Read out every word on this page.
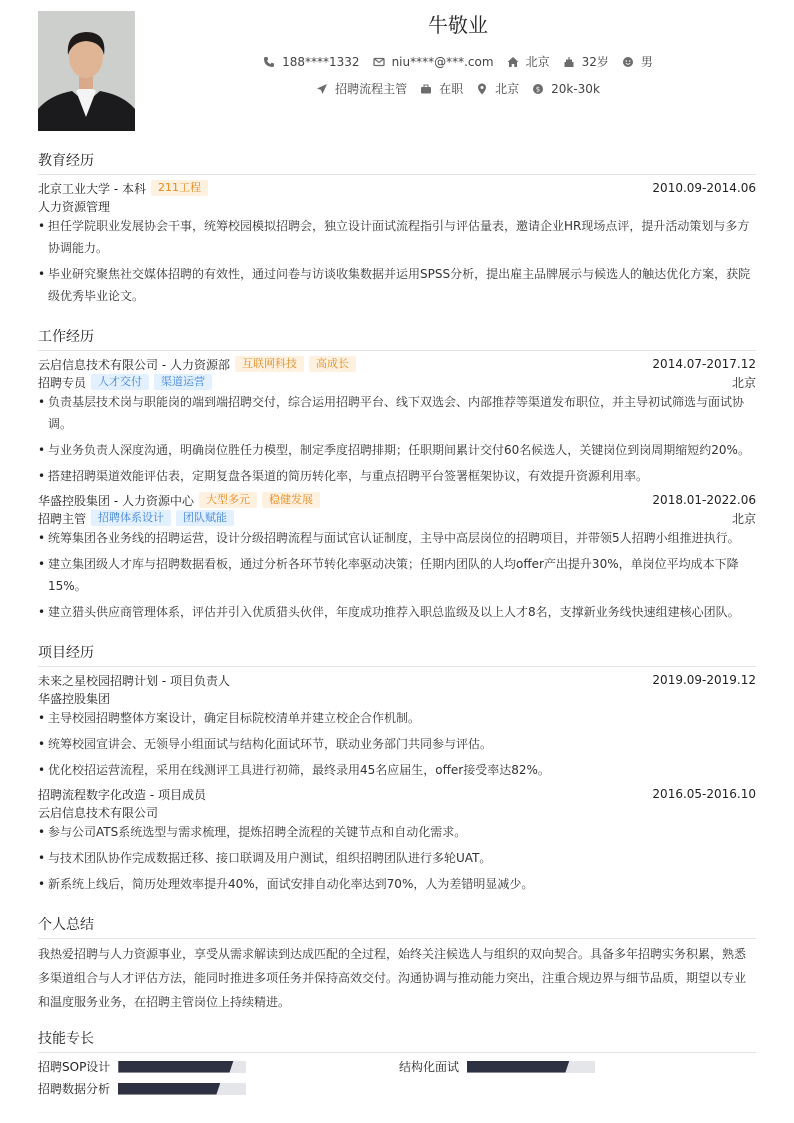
牛敬业
188****1332	niu****@***.com	北京	32岁	男
招聘流程主管	在职	北京 $ 20k-30k
教育经历
北京工业大学 - 本科	211工程	2010.09-2014.06
人力资源管理
• 担任学院职业发展协会干事，统筹校园模拟招聘会，独立设计面试流程指引与评估量表，邀请企业HR现场点评，提升活动策划与多方协调能力。
• 毕业研究聚焦社交媒体招聘的有效性，通过问卷与访谈收集数据并运用SPSS分析，提出雇主品牌展示与候选人的触达优化方案，获院级优秀毕业论文。
工作经历
云启信息技术有限公司 - 人力资源部	互联网科技	高成长	2014.07-2017.12
招聘专员	人才交付	渠道运营	北京
• 负责基层技术岗与职能岗的端到端招聘交付，综合运用招聘平台、线下双选会、内部推荐等渠道发布职位，并主导初试筛选与面试协调。
• 与业务负责人深度沟通，明确岗位胜任力模型，制定季度招聘排期；任职期间累计交付60名候选人，关键岗位到岗周期缩短约20%。
• 搭建招聘渠道效能评估表，定期复盘各渠道的简历转化率，与重点招聘平台签署框架协议，有效提升资源利用率。
华盛控股集团 - 人力资源中心	大型多元	稳健发展	2018.01-2022.06
招聘主管	招聘体系设计	团队赋能	北京
• 统筹集团各业务线的招聘运营，设计分级招聘流程与面试官认证制度，主导中高层岗位的招聘项目，并带领5人招聘小组推进执行。
• 建立集团级人才库与招聘数据看板，通过分析各环节转化率驱动决策；任期内团队的人均offer产出提升30%，单岗位平均成本下降15%。
• 建立猎头供应商管理体系，评估并引入优质猎头伙伴，年度成功推荐入职总监级及以上人才8名，支撑新业务线快速组建核心团队。
项目经历
未来之星校园招聘计划 - 项目负责人	2019.09-2019.12
华盛控股集团
• 主导校园招聘整体方案设计，确定目标院校清单并建立校企合作机制。
• 统筹校园宣讲会、无领导小组面试与结构化面试环节，联动业务部门共同参与评估。
• 优化校招运营流程，采用在线测评工具进行初筛，最终录用45名应届生，offer接受率达82%。
招聘流程数字化改造 - 项目成员	2016.05-2016.10
云启信息技术有限公司
• 参与公司ATS系统选型与需求梳理，提炼招聘全流程的关键节点和自动化需求。
• 与技术团队协作完成数据迁移、接口联调及用户测试，组织招聘团队进行多轮UAT。
• 新系统上线后，简历处理效率提升40%，面试安排自动化率达到70%，人为差错明显减少。
个人总结
我热爱招聘与人力资源事业，享受从需求解读到达成匹配的全过程，始终关注候选人与组织的双向契合。具备多年招聘实务积累，熟悉多渠道组合与人才评估方法，能同时推进多项任务并保持高效交付。沟通协调与推动能力突出，注重合规边界与细节品质，期望以专业和温度服务业务，在招聘主管岗位上持续精进。
技能专长
招聘SOP设计	结构化面试
招聘数据分析
